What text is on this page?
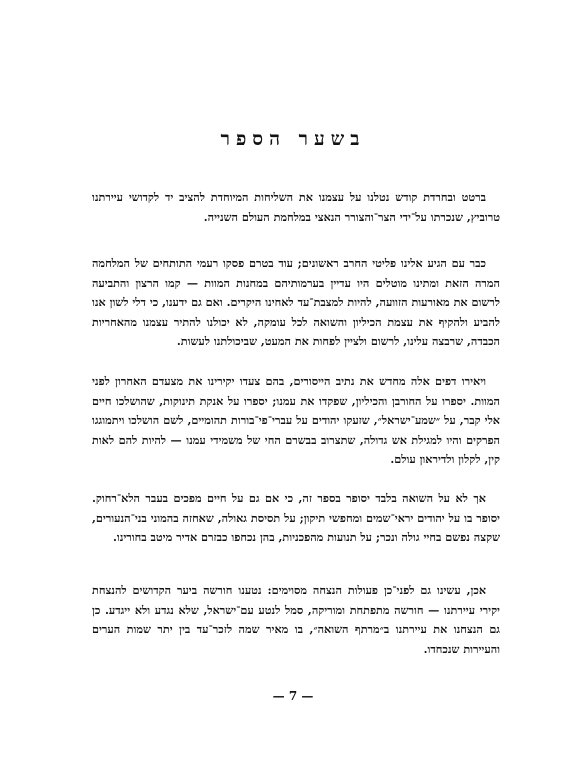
בשער הספר

ברטט ובחרדת קודש נטלנו על עצמנו את השליחות המיוחדת להציב יד לקדושי עיירתנו טרוביץ, שנכרתו על־ידי הצר־והצורר הנאצי במלחמת העולם השנייה.

כבר עם הגיע אלינו פליטי החרב ראשונים; עוד בטרם פסקו רעמי התותחים של המלחמה המרה הזאת ומתינו מוטלים היו עדיין בערמותיהם במחנות המוות — קמו הרצון והתביעה לרשום את מאורעות הזוועה, להיות למצבת־עד לאחינו היקרים. ואם גם ידענו, כי דלי לשון אנו להביע ולהקיף את עצמת הכיליון והשואה לכל עומקה, לא יכולנו להתיר עצמנו מהאחריות הכבדה, שרבצה עלינו, לרשום ולציין לפחות את המעט, שביכולתנו לעשות.

ויאירו דפים אלה מחדש את נתיב הייסורים, בהם צעדו יקירינו את מצעדם האחרון לפני המוות. יספרו על החורבן והכיליון, שפקדו את עמנו; יספרו על אנקת תינוקות, שהושלכו חיים אלי קבר, על ״שמע־ישראל״, שזעקו יהודים על עברי־פי־בורות תהומיים, לשם הושלכו ויתמוגגו הפרקים והיו למגילת אש גדולה, שתצרוב בבשרם החי של משמידי עמנו — להיות להם לאות קין, לקלון ולדיראון עולם.

אך לא על השואה בלבד יסופר בספר זה, כי אם גם על חיים מפכים בעבר הלא־רחוק. יסופר בו על יהודים יראי־שמים ומחפשי תיקון; על תסיסת גאולה, שאחזה בהמוני בני־הנעורים, שקצה נפשם בחיי גולה ונכר; על תנועות מהפכניות, בהן נכחפו כבזרם אדיר מיטב בחורינו.

אכן, עשינו גם לפני־כן פעולות הנצחה מסוימים: נטענו חורשה ביער הקדושים להנצחת יקירי עיירתנו — חורשה מתפתחת ומוריקה, סמל לנטע עם־ישראל, שלא נגדע ולא ייגדע. כן גם הנצחנו את עיירתנו ב״מרתף השואה״, בו מאיר שמה לזכר־עד בין יתר שמות הערים והעיירות שנכחדו.

— 7 —
